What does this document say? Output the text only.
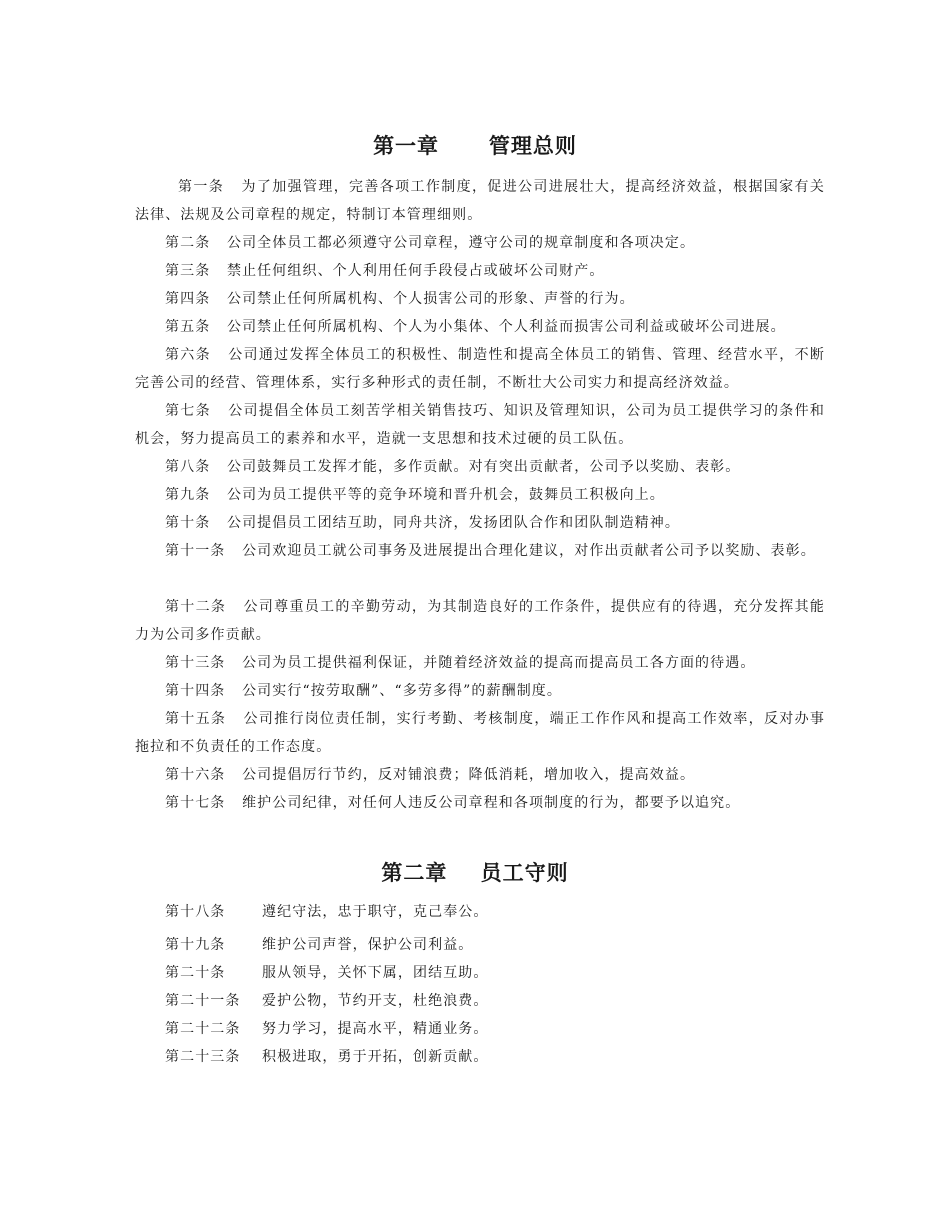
第一章      管理总则
第一条 为了加强管理，完善各项工作制度，促进公司进展壮大，提高经济效益，根据国家有关法律、法规及公司章程的规定，特制订本管理细则。
第二条 公司全体员工都必须遵守公司章程，遵守公司的规章制度和各项决定。
第三条 禁止任何组织、个人利用任何手段侵占或破坏公司财产。
第四条 公司禁止任何所属机构、个人损害公司的形象、声誉的行为。
第五条 公司禁止任何所属机构、个人为小集体、个人利益而损害公司利益或破坏公司进展。
第六条 公司通过发挥全体员工的积极性、制造性和提高全体员工的销售、管理、经营水平，不断完善公司的经营、管理体系，实行多种形式的责任制，不断壮大公司实力和提高经济效益。
第七条 公司提倡全体员工刻苦学相关销售技巧、知识及管理知识，公司为员工提供学习的条件和机会，努力提高员工的素养和水平，造就一支思想和技术过硬的员工队伍。
第八条 公司鼓舞员工发挥才能，多作贡献。对有突出贡献者，公司予以奖励、表彰。
第九条 公司为员工提供平等的竞争环境和晋升机会，鼓舞员工积极向上。
第十条 公司提倡员工团结互助，同舟共济，发扬团队合作和团队制造精神。
第十一条 公司欢迎员工就公司事务及进展提出合理化建议，对作出贡献者公司予以奖励、表彰。
第十二条 公司尊重员工的辛勤劳动，为其制造良好的工作条件，提供应有的待遇，充分发挥其能力为公司多作贡献。
第十三条 公司为员工提供福利保证，并随着经济效益的提高而提高员工各方面的待遇。
第十四条 公司实行“按劳取酬”、“多劳多得”的薪酬制度。
第十五条 公司推行岗位责任制，实行考勤、考核制度，端正工作作风和提高工作效率，反对办事拖拉和不负责任的工作态度。
第十六条 公司提倡厉行节约，反对铺浪费；降低消耗，增加收入，提高效益。
第十七条 维护公司纪律，对任何人违反公司章程和各项制度的行为，都要予以追究。
第二章    员工守则
第十八条	遵纪守法，忠于职守，克己奉公。
第十九条	维护公司声誉，保护公司利益。
第二十条	服从领导，关怀下属，团结互助。
第二十一条 爱护公物，节约开支，杜绝浪费。
第二十二条 努力学习，提高水平，精通业务。
第二十三条 积极进取，勇于开拓，创新贡献。
